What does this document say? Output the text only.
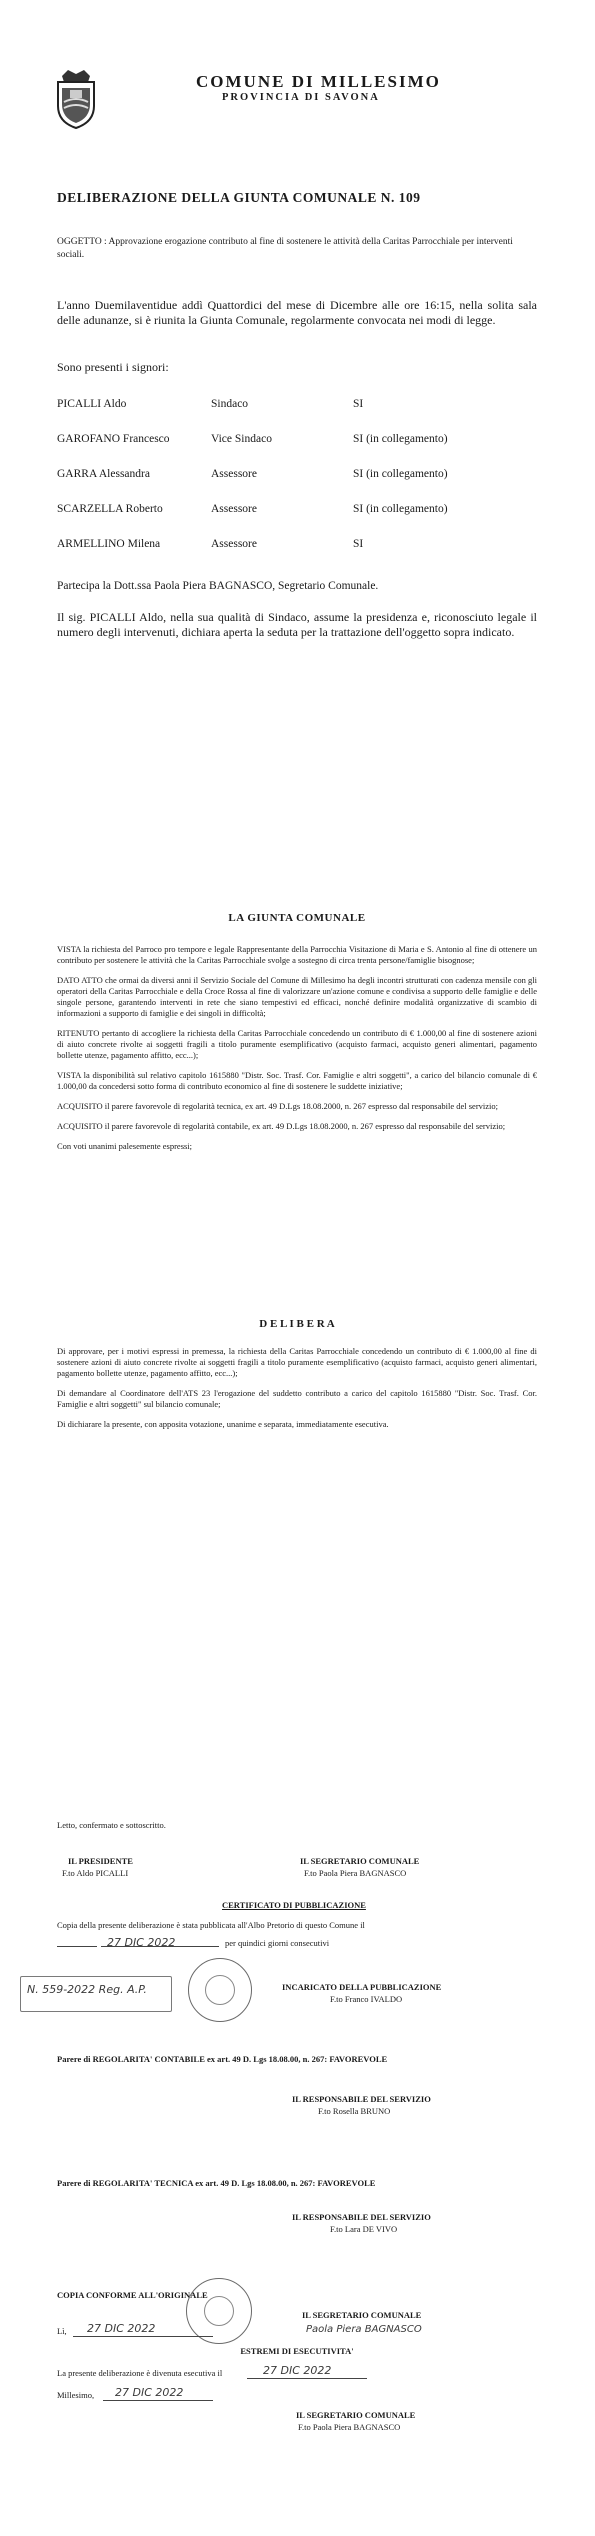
COMUNE DI MILLESIMO
PROVINCIA DI SAVONA
DELIBERAZIONE DELLA GIUNTA COMUNALE N. 109
OGGETTO : Approvazione erogazione contributo al fine di sostenere le attività della Caritas Parrocchiale per interventi sociali.
L'anno Duemilaventidue addì Quattordici del mese di Dicembre alle ore 16:15, nella solita sala delle adunanze, si è riunita la Giunta Comunale, regolarmente convocata nei modi di legge.
Sono presenti i signori:
PICALLI Aldo	Sindaco	SI
GAROFANO Francesco	Vice Sindaco	SI (in collegamento)
GARRA Alessandra	Assessore	SI (in collegamento)
SCARZELLA Roberto	Assessore	SI (in collegamento)
ARMELLINO Milena	Assessore	SI
Partecipa la Dott.ssa Paola Piera BAGNASCO, Segretario Comunale.
Il sig. PICALLI Aldo, nella sua qualità di Sindaco, assume la presidenza e, riconosciuto legale il numero degli intervenuti, dichiara aperta la seduta per la trattazione dell'oggetto sopra indicato.
LA GIUNTA COMUNALE

VISTA la richiesta del Parroco pro tempore e legale Rappresentante della Parrocchia Visitazione di Maria e S. Antonio al fine di ottenere un contributo per sostenere le attività che la Caritas Parrocchiale svolge a sostegno di circa trenta persone/famiglie bisognose;

DATO ATTO che ormai da diversi anni il Servizio Sociale del Comune di Millesimo ha degli incontri strutturati con cadenza mensile con gli operatori della Caritas Parrocchiale e della Croce Rossa al fine di valorizzare un'azione comune e condivisa a supporto delle famiglie e delle singole persone, garantendo interventi in rete che siano tempestivi ed efficaci, nonché definire modalità organizzative di scambio di informazioni a supporto di famiglie e dei singoli in difficoltà;

RITENUTO pertanto di accogliere la richiesta della Caritas Parrocchiale concedendo un contributo di € 1.000,00 al fine di sostenere azioni di aiuto concrete rivolte ai soggetti fragili a titolo puramente esemplificativo (acquisto farmaci, acquisto generi alimentari, pagamento bollette utenze, pagamento affitto, ecc...);

VISTA la disponibilità sul relativo capitolo 1615880 "Distr. Soc. Trasf. Cor. Famiglie e altri soggetti", a carico del bilancio comunale di € 1.000,00 da concedersi sotto forma di contributo economico al fine di sostenere le suddette iniziative;

ACQUISITO il parere favorevole di regolarità tecnica, ex art. 49 D.Lgs 18.08.2000, n. 267 espresso dal responsabile del servizio;

ACQUISITO il parere favorevole di regolarità contabile, ex art. 49 D.Lgs 18.08.2000, n. 267 espresso dal responsabile del servizio;

Con voti unanimi palesemente espressi;

D E L I B E R A

Di approvare, per i motivi espressi in premessa, la richiesta della Caritas Parrocchiale concedendo un contributo di € 1.000,00 al fine di sostenere azioni di aiuto concrete rivolte ai soggetti fragili a titolo puramente esemplificativo (acquisto farmaci, acquisto generi alimentari, pagamento bollette utenze, pagamento affitto, ecc...);

Di demandare al Coordinatore dell'ATS 23 l'erogazione del suddetto contributo a carico del capitolo 1615880 "Distr. Soc. Trasf. Cor. Famiglie e altri soggetti" sul bilancio comunale;

Di dichiarare la presente, con apposita votazione, unanime e separata, immediatamente esecutiva.

Letto, confermato e sottoscritto.
IL PRESIDENTE
F.to Aldo PICALLI
IL SEGRETARIO COMUNALE
F.to Paola Piera BAGNASCO
CERTIFICATO DI PUBBLICAZIONE
Copia della presente deliberazione è stata pubblicata all'Albo Pretorio di questo Comune il
27 DIC 2022	per quindici giorni consecutivi
N. 559-2022 Reg. A.P.	INCARICATO DELLA PUBBLICAZIONE
F.to Franco IVALDO
Parere di REGOLARITA' CONTABILE ex art. 49 D. Lgs 18.08.00, n. 267: FAVOREVOLE
IL RESPONSABILE DEL SERVIZIO
F.to Rosella BRUNO
Parere di REGOLARITA' TECNICA ex art. 49 D. Lgs 18.08.00, n. 267: FAVOREVOLE
IL RESPONSABILE DEL SERVIZIO
F.to Lara DE VIVO
COPIA CONFORME ALL'ORIGINALE
Lì, 27 DIC 2022
IL SEGRETARIO COMUNALE
Paola Piera BAGNASCO
ESTREMI DI ESECUTIVITA'
La presente deliberazione è divenuta esecutiva il	27 DIC 2022
Millesimo, 27 DIC 2022
IL SEGRETARIO COMUNALE
F.to Paola Piera BAGNASCO
